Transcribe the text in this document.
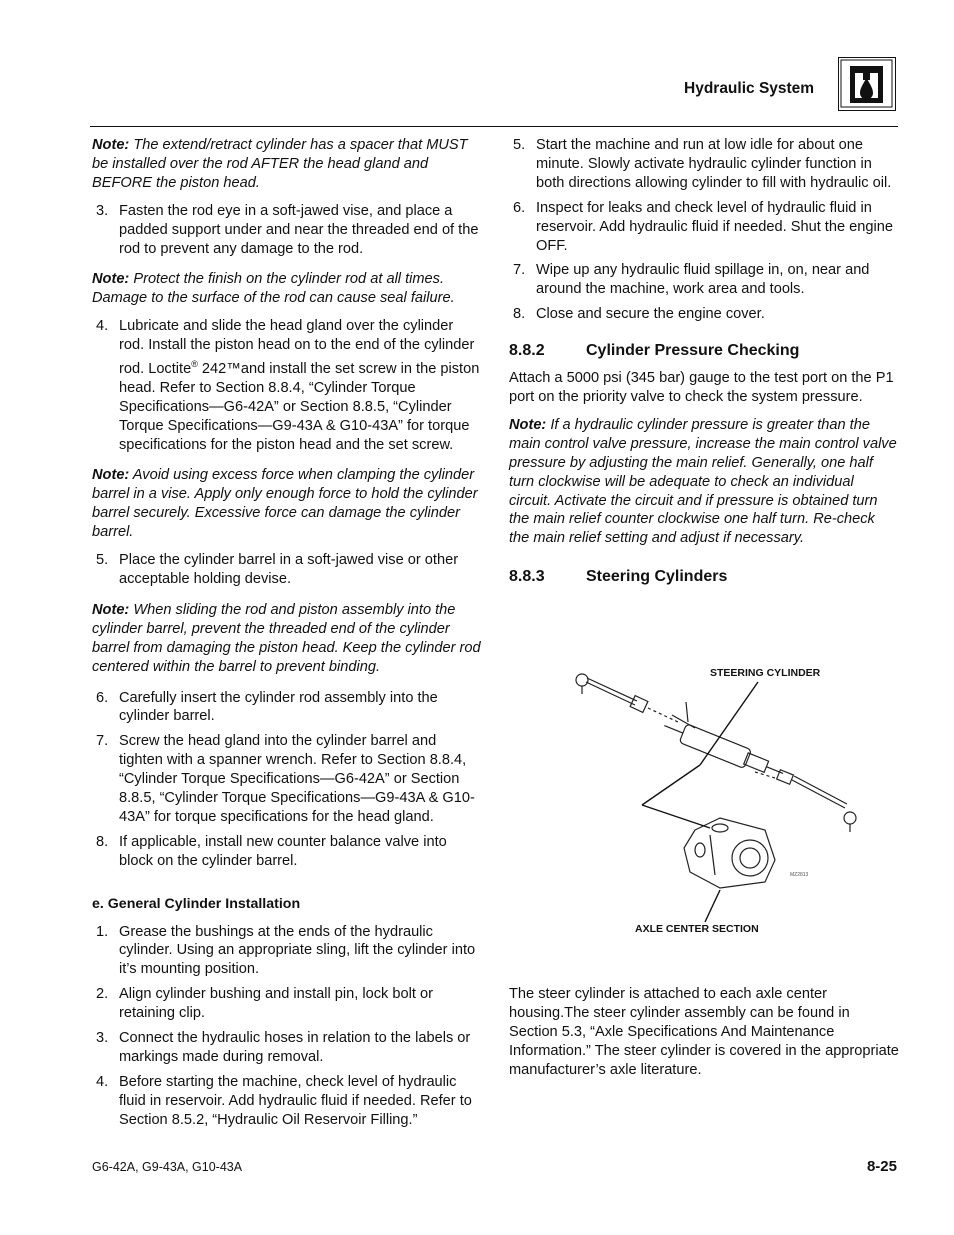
Hydraulic System
Note: The extend/retract cylinder has a spacer that MUST be installed over the rod AFTER the head gland and BEFORE the piston head.
3. Fasten the rod eye in a soft-jawed vise, and place a padded support under and near the threaded end of the rod to prevent any damage to the rod.
Note: Protect the finish on the cylinder rod at all times. Damage to the surface of the rod can cause seal failure.
4. Lubricate and slide the head gland over the cylinder rod. Install the piston head on to the end of the cylinder rod. Loctite® 242™and install the set screw in the piston head. Refer to Section 8.8.4, “Cylinder Torque Specifications—G6-42A” or Section 8.8.5, “Cylinder Torque Specifications—G9-43A & G10-43A” for torque specifications for the piston head and the set screw.
Note: Avoid using excess force when clamping the cylinder barrel in a vise. Apply only enough force to hold the cylinder barrel securely. Excessive force can damage the cylinder barrel.
5. Place the cylinder barrel in a soft-jawed vise or other acceptable holding devise.
Note: When sliding the rod and piston assembly into the cylinder barrel, prevent the threaded end of the cylinder barrel from damaging the piston head. Keep the cylinder rod centered within the barrel to prevent binding.
6. Carefully insert the cylinder rod assembly into the cylinder barrel.
7. Screw the head gland into the cylinder barrel and tighten with a spanner wrench. Refer to Section 8.8.4, “Cylinder Torque Specifications—G6-42A” or Section 8.8.5, “Cylinder Torque Specifications—G9-43A & G10-43A” for torque specifications for the head gland.
8. If applicable, install new counter balance valve into block on the cylinder barrel.
e. General Cylinder Installation
1. Grease the bushings at the ends of the hydraulic cylinder. Using an appropriate sling, lift the cylinder into it’s mounting position.
2. Align cylinder bushing and install pin, lock bolt or retaining clip.
3. Connect the hydraulic hoses in relation to the labels or markings made during removal.
4. Before starting the machine, check level of hydraulic fluid in reservoir. Add hydraulic fluid if needed. Refer to Section 8.5.2, “Hydraulic Oil Reservoir Filling.”
5. Start the machine and run at low idle for about one minute. Slowly activate hydraulic cylinder function in both directions allowing cylinder to fill with hydraulic oil.
6. Inspect for leaks and check level of hydraulic fluid in reservoir. Add hydraulic fluid if needed. Shut the engine OFF.
7. Wipe up any hydraulic fluid spillage in, on, near and around the machine, work area and tools.
8. Close and secure the engine cover.
8.8.2	Cylinder Pressure Checking

Attach a 5000 psi (345 bar) gauge to the test port on the P1 port on the priority valve to check the system pressure.

Note: If a hydraulic cylinder pressure is greater than the main control valve pressure, increase the main control valve pressure by adjusting the main relief. Generally, one half turn clockwise will be adequate to check an individual circuit. Activate the circuit and if pressure is obtained turn the main relief counter clockwise one half turn. Re-check the main relief setting and adjust if necessary.
8.8.3	Steering Cylinders
MZ2813
STEERING CYLINDER
AXLE CENTER SECTION

The steer cylinder is attached to each axle center housing.The steer cylinder assembly can be found in Section 5.3, “Axle Specifications And Maintenance Information.” The steer cylinder is covered in the appropriate manufacturer’s axle literature.

G6-42A, G9-43A, G10-43A	8-25
